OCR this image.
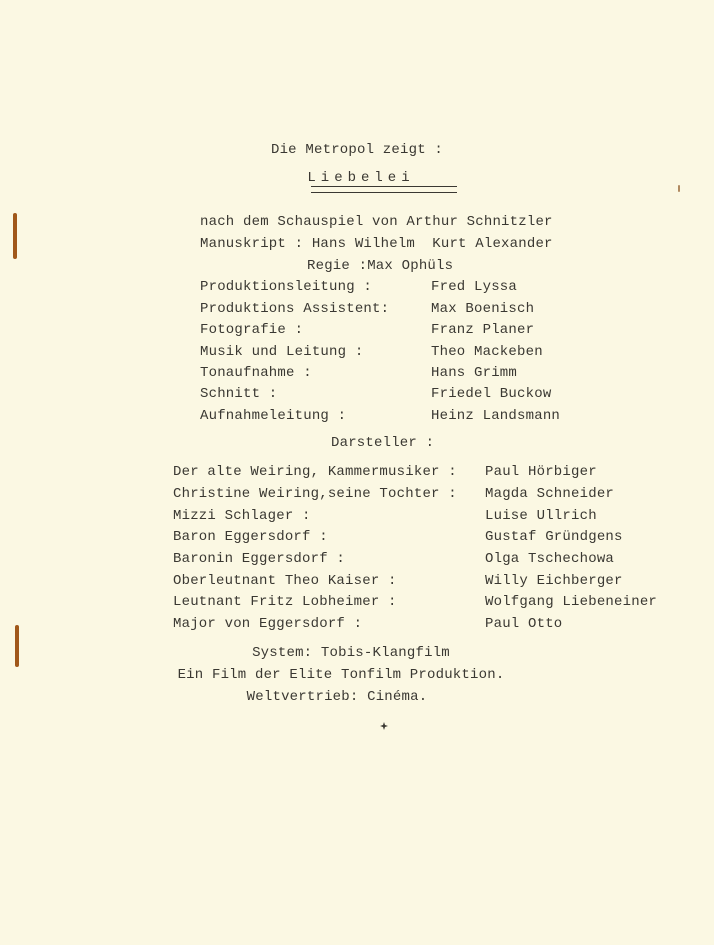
Die Metropol zeigt :
Liebelei
nach dem Schauspiel von Arthur Schnitzler
Manuskript : Hans Wilhelm  Kurt Alexander
Regie :Max Ophüls
Produktionsleitung :	Fred Lyssa
Produktions Assistent:	Max Boenisch
Fotografie :	Franz Planer
Musik und Leitung :	Theo Mackeben
Tonaufnahme :	Hans Grimm
Schnitt :	Friedel Buckow
Aufnahmeleitung :	Heinz Landsmann
Darsteller :
Der alte Weiring, Kammermusiker : Paul Hörbiger
Christine Weiring,seine Tochter : Magda Schneider
Mizzi Schlager :	Luise Ullrich
Baron Eggersdorf :	Gustaf Gründgens
Baronin Eggersdorf :	Olga Tschechowa
Oberleutnant Theo Kaiser :	Willy Eichberger
Leutnant Fritz Lobheimer :	Wolfgang Liebeneiner
Major von Eggersdorf :	Paul Otto
System: Tobis-Klangfilm
Ein Film der Elite Tonfilm Produktion.
Weltvertrieb: Cinéma.
